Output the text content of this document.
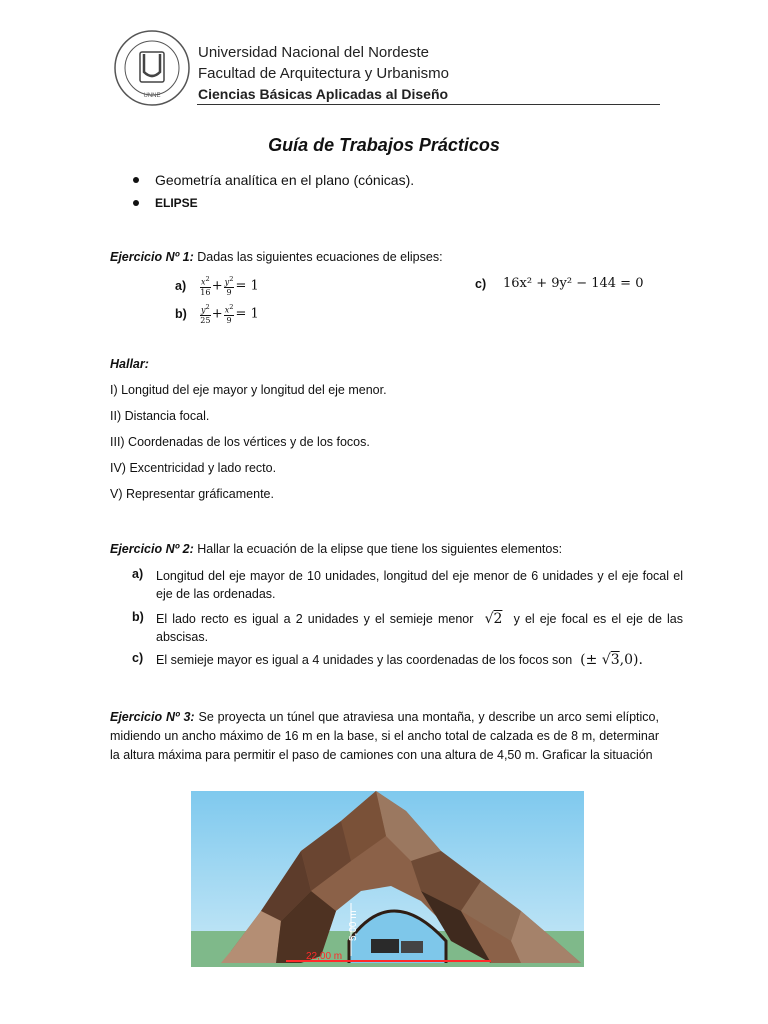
UNNE
Universidad Nacional del Nordeste
Facultad de Arquitectura y Urbanismo
Ciencias Básicas Aplicadas al Diseño
Guía de Trabajos Prácticos
Geometría analítica en el plano (cónicas).
ELIPSE
Ejercicio Nº 1: Dadas las siguientes ecuaciones de elipses:
a)	$\frac{x^2}{16} + \frac{y^2}{9} = 1$
b)	$\frac{y^2}{25} + \frac{x^2}{9} = 1$
c)	16x² + 9y² − 144 = 0
Hallar:
I) Longitud del eje mayor y longitud del eje menor.
II) Distancia focal.
III) Coordenadas de los vértices y de los focos.
IV) Excentricidad y lado recto.
V) Representar gráficamente.
Ejercicio Nº 2: Hallar la ecuación de la elipse que tiene los siguientes elementos:
a)	Longitud del eje mayor de 10 unidades, longitud del eje menor de 6 unidades y el eje focal el eje de las ordenadas.
b) El lado recto es igual a 2 unidades y el semieje menor  √2 y el eje focal es el eje de las abscisas.
c)	El semieje mayor es igual a 4 unidades y las coordenadas de los focos son  (± √3,0).
Ejercicio Nº 3: Se proyecta un túnel que atraviesa una montaña, y describe un arco semi elíptico, midiendo un ancho máximo de 16 m en la base, si el ancho total de calzada es de 8 m, determinar la altura máxima para permitir el paso de camiones con una altura de 4,50 m. Graficar la situación
5,00 m
22,00 m
